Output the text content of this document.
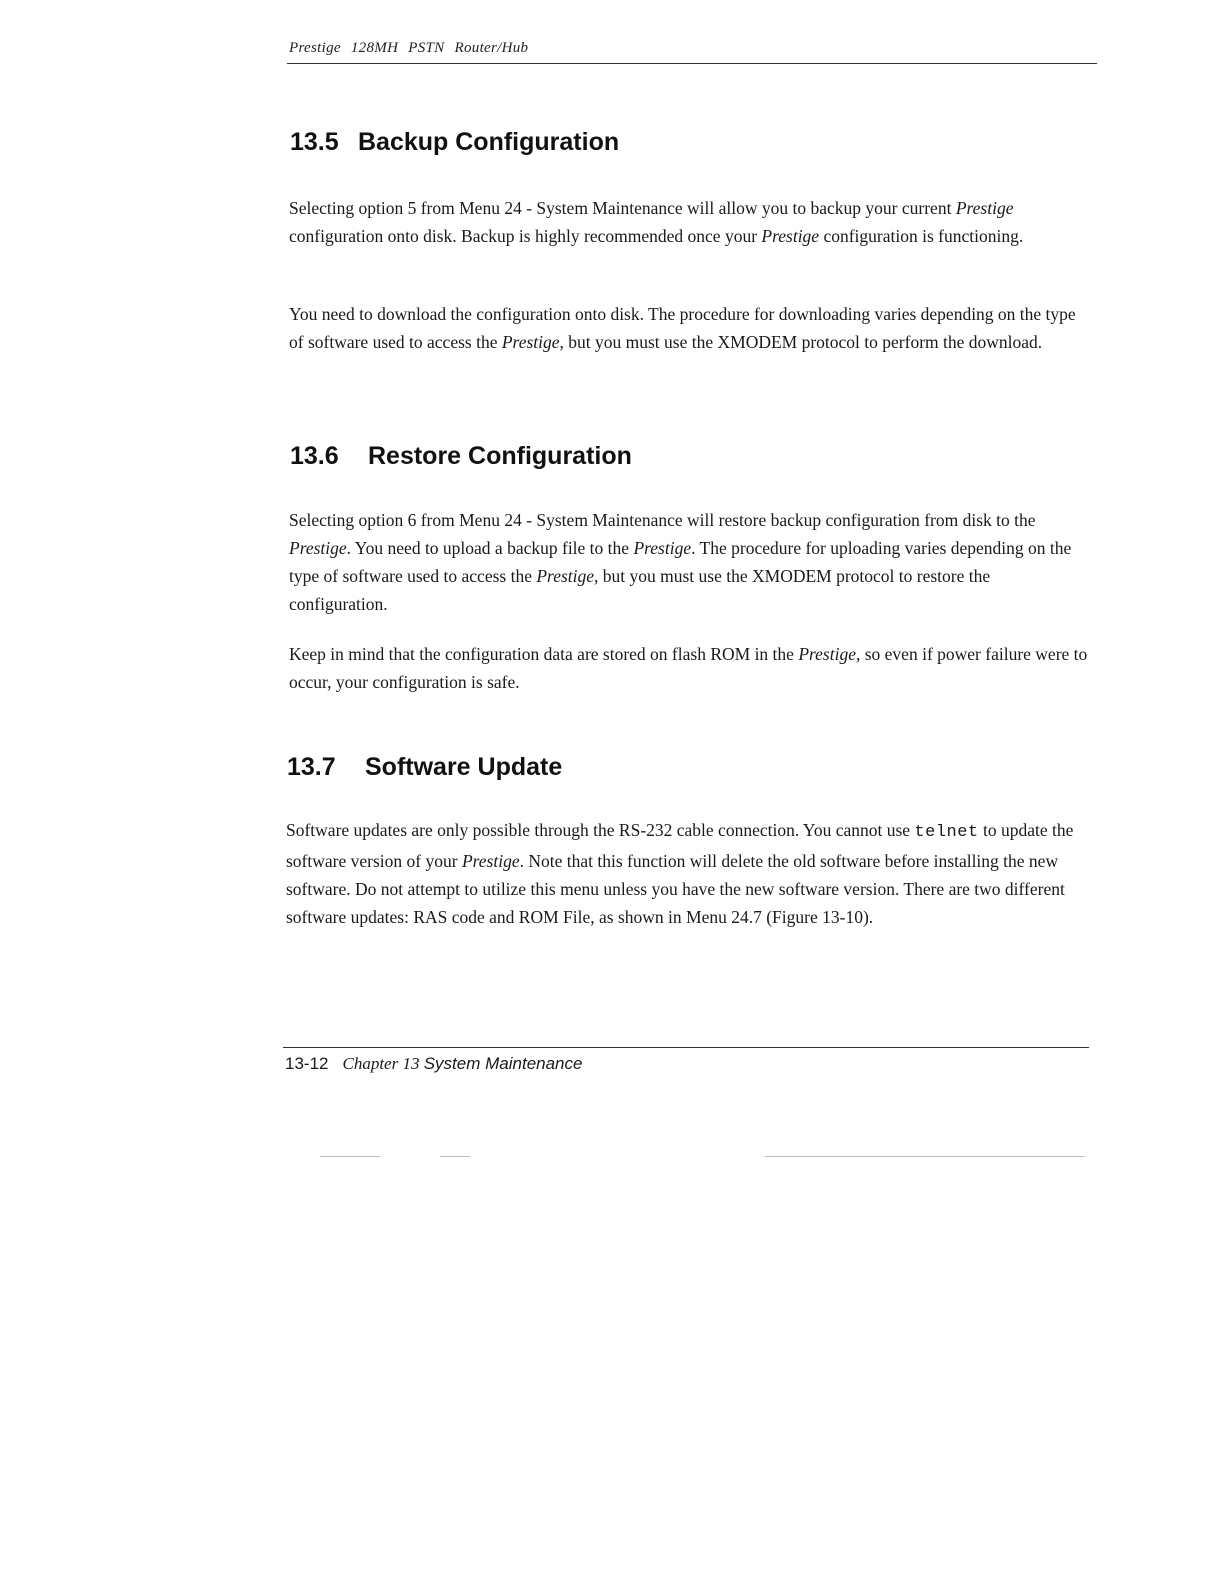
Prestige 128MH PSTN Router/Hub
13.5 Backup Configuration

Selecting option 5 from Menu 24 - System Maintenance will allow you to backup your current Prestige configuration onto disk. Backup is highly recommended once your Prestige configuration is functioning.

You need to download the configuration onto disk. The procedure for downloading varies depending on the type of software used to access the Prestige, but you must use the XMODEM protocol to perform the download.

13.6 Restore Configuration

Selecting option 6 from Menu 24 - System Maintenance will restore backup configuration from disk to the Prestige. You need to upload a backup file to the Prestige. The procedure for uploading varies depending on the type of software used to access the Prestige, but you must use the XMODEM protocol to restore the configuration.

Keep in mind that the configuration data are stored on flash ROM in the Prestige, so even if power failure were to occur, your configuration is safe.

13.7 Software Update

Software updates are only possible through the RS-232 cable connection. You cannot use telnet to update the software version of your Prestige. Note that this function will delete the old software before installing the new software. Do not attempt to utilize this menu unless you have the new software version. There are two different software updates: RAS code and ROM File, as shown in Menu 24.7 (Figure 13-10).

13-12 Chapter 13 System Maintenance
